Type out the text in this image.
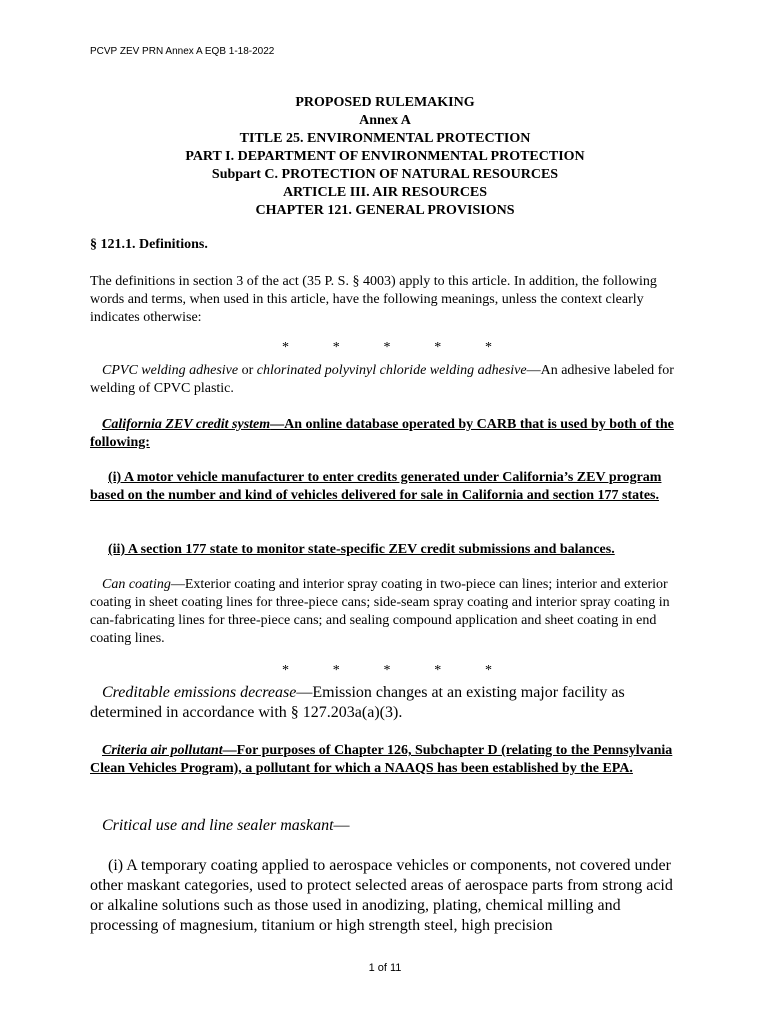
PCVP ZEV PRN Annex A EQB 1-18-2022
PROPOSED RULEMAKING
Annex A
TITLE 25. ENVIRONMENTAL PROTECTION
PART I. DEPARTMENT OF ENVIRONMENTAL PROTECTION
Subpart C. PROTECTION OF NATURAL RESOURCES
ARTICLE III. AIR RESOURCES
CHAPTER 121. GENERAL PROVISIONS
§ 121.1. Definitions.
The definitions in section 3 of the act (35 P. S. § 4003) apply to this article. In addition, the following words and terms, when used in this article, have the following meanings, unless the context clearly indicates otherwise:
*	*	*	*	*
CPVC welding adhesive or chlorinated polyvinyl chloride welding adhesive—An adhesive labeled for welding of CPVC plastic.
California ZEV credit system—An online database operated by CARB that is used by both of the following:
(i) A motor vehicle manufacturer to enter credits generated under California’s ZEV program based on the number and kind of vehicles delivered for sale in California and section 177 states.
(ii) A section 177 state to monitor state-specific ZEV credit submissions and balances.
Can coating—Exterior coating and interior spray coating in two-piece can lines; interior and exterior coating in sheet coating lines for three-piece cans; side-seam spray coating and interior spray coating in can-fabricating lines for three-piece cans; and sealing compound application and sheet coating in end coating lines.
*	*	*	*	*
Creditable emissions decrease—Emission changes at an existing major facility as determined in accordance with § 127.203a(a)(3).
Criteria air pollutant—For purposes of Chapter 126, Subchapter D (relating to the Pennsylvania Clean Vehicles Program), a pollutant for which a NAAQS has been established by the EPA.
Critical use and line sealer maskant—
(i) A temporary coating applied to aerospace vehicles or components, not covered under other maskant categories, used to protect selected areas of aerospace parts from strong acid or alkaline solutions such as those used in anodizing, plating, chemical milling and processing of magnesium, titanium or high strength steel, high precision
1 of 11
